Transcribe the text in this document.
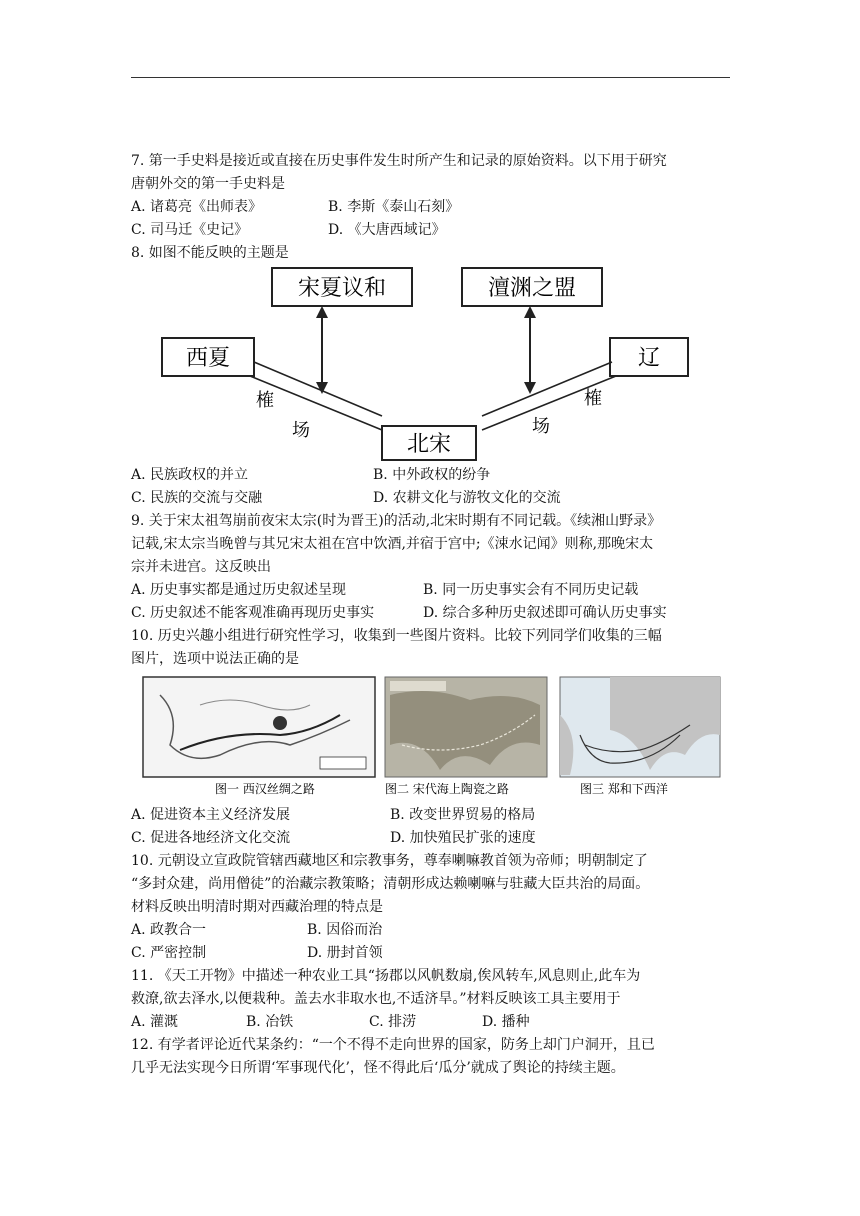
7. 第一手史料是接近或直接在历史事件发生时所产生和记录的原始资料。以下用于研究
唐朝外交的第一手史料是
A. 诸葛亮《出师表》	B. 李斯《泰山石刻》
C. 司马迁《史记》	D. 《大唐西域记》
8. 如图不能反映的主题是
宋夏议和	澶渊之盟
西夏	辽
北宋
榷
场
榷
场
A. 民族政权的并立	B. 中外政权的纷争
C. 民族的交流与交融	D. 农耕文化与游牧文化的交流
9. 关于宋太祖驾崩前夜宋太宗(时为晋王)的活动,北宋时期有不同记载。《续湘山野录》
记载,宋太宗当晚曾与其兄宋太祖在宫中饮酒,并宿于宫中;《涑水记闻》则称,那晚宋太
宗并未进宫。这反映出
A. 历史事实都是通过历史叙述呈现	B. 同一历史事实会有不同历史记载
C. 历史叙述不能客观准确再现历史事实	D. 综合多种历史叙述即可确认历史事实
10. 历史兴趣小组进行研究性学习，收集到一些图片资料。比较下列同学们收集的三幅
图片，选项中说法正确的是
图一 西汉丝绸之路	图二 宋代海上陶瓷之路	图三 郑和下西洋
A. 促进资本主义经济发展	B. 改变世界贸易的格局
C. 促进各地经济文化交流	D. 加快殖民扩张的速度
10. 元朝设立宣政院管辖西藏地区和宗教事务，尊奉喇嘛教首领为帝师；明朝制定了
“多封众建，尚用僧徒”的治藏宗教策略；清朝形成达赖喇嘛与驻藏大臣共治的局面。
材料反映出明清时期对西藏治理的特点是
A. 政教合一	B. 因俗而治
C. 严密控制	D. 册封首领
11. 《天工开物》中描述一种农业工具“扬郡以风帆数扇,俟风转车,风息则止,此车为
救潦,欲去泽水,以便栽种。盖去水非取水也,不适济旱。”材料反映该工具主要用于
A. 灌溉	B. 冶铁	C. 排涝	D. 播种
12. 有学者评论近代某条约：“一个不得不走向世界的国家，防务上却门户洞开，且已
几乎无法实现今日所谓‘军事现代化’，怪不得此后‘瓜分’就成了舆论的持续主题。
